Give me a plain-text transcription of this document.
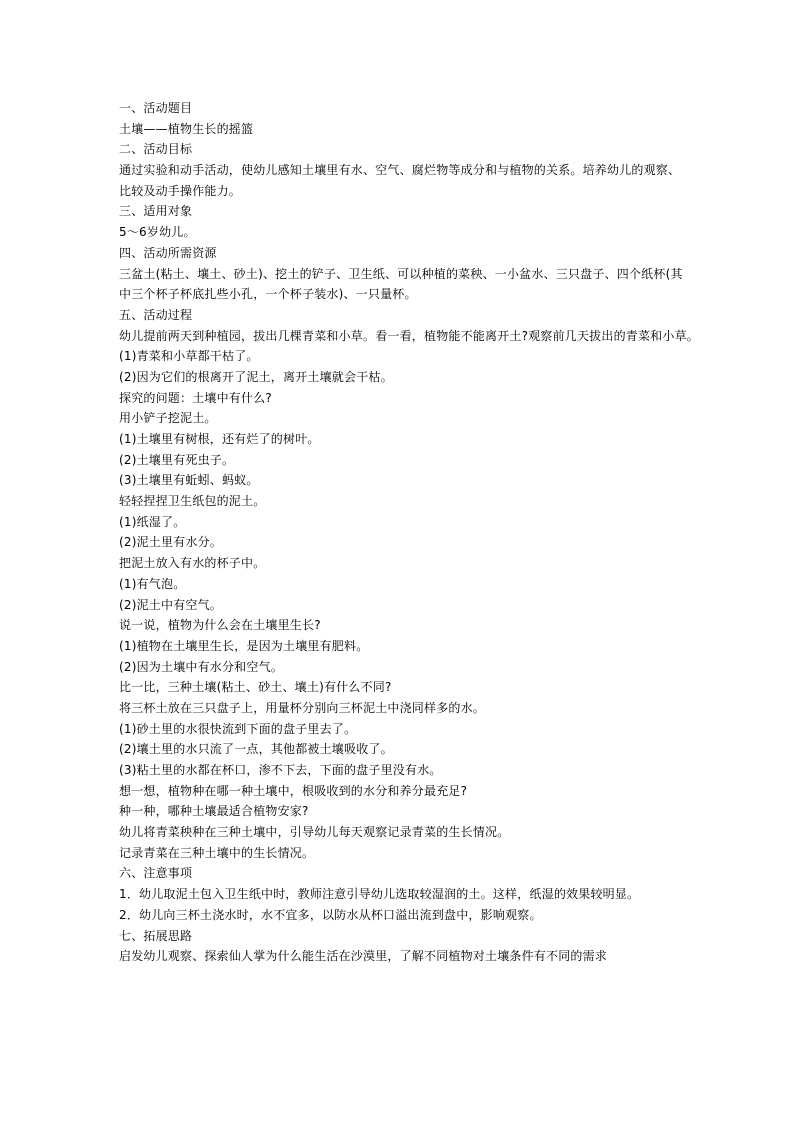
一、活动题目
土壤——植物生长的摇篮
二、活动目标
通过实验和动手活动，使幼儿感知土壤里有水、空气、腐烂物等成分和与植物的关系。培养幼儿的观察、
比较及动手操作能力。
三、适用对象
5～6岁幼儿。
四、活动所需资源
三盆土(粘土、壤土、砂土)、挖土的铲子、卫生纸、可以种植的菜秧、一小盆水、三只盘子、四个纸杯(其
中三个杯子杯底扎些小孔，一个杯子装水)、一只量杯。
五、活动过程
幼儿提前两天到种植园，拔出几棵青菜和小草。看一看，植物能不能离开土?观察前几天拔出的青菜和小草。
(1)青菜和小草都干枯了。
(2)因为它们的根离开了泥土，离开土壤就会干枯。
探究的问题：土壤中有什么?
用小铲子挖泥土。
(1)土壤里有树根，还有烂了的树叶。
(2)土壤里有死虫子。
(3)土壤里有蚯蚓、蚂蚁。
轻轻捏捏卫生纸包的泥土。
(1)纸湿了。
(2)泥土里有水分。
把泥土放入有水的杯子中。
(1)有气泡。
(2)泥土中有空气。
说一说，植物为什么会在土壤里生长?
(1)植物在土壤里生长，是因为土壤里有肥料。
(2)因为土壤中有水分和空气。
比一比，三种土壤(粘土、砂土、壤土)有什么不同?
将三杯土放在三只盘子上，用量杯分别向三杯泥土中浇同样多的水。
(1)砂土里的水很快流到下面的盘子里去了。
(2)壤土里的水只流了一点，其他都被土壤吸收了。
(3)粘土里的水都在杯口，渗不下去，下面的盘子里没有水。
想一想，植物种在哪一种土壤中，根吸收到的水分和养分最充足?
种一种，哪种土壤最适合植物安家?
幼儿将青菜秧种在三种土壤中，引导幼儿每天观察记录青菜的生长情况。
记录青菜在三种土壤中的生长情况。
六、注意事项
1．幼儿取泥土包入卫生纸中时，教师注意引导幼儿选取较湿润的土。这样，纸湿的效果较明显。
2．幼儿向三杯土浇水时，水不宜多，以防水从杯口溢出流到盘中，影响观察。
七、拓展思路
启发幼儿观察、探索仙人掌为什么能生活在沙漠里，了解不同植物对土壤条件有不同的需求
